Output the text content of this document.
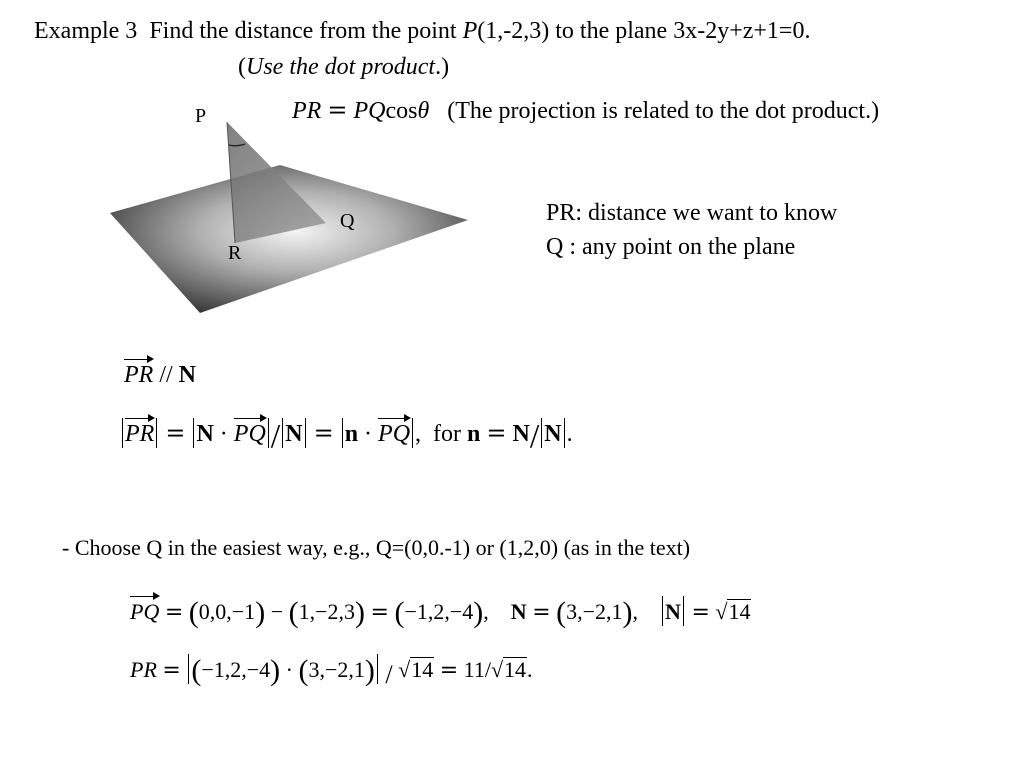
Example 3 Find the distance from the point P(1,-2,3) to the plane 3x-2y+z+1=0.
(Use the dot product.)
P
Q
R
PR = PQcosθ (The projection is related to the dot product.)
PR: distance we want to know
Q : any point on the plane
PR // N
PR = N · PQ / N = n · PQ ,  for n = N/ N .
- Choose Q in the easiest way, e.g., Q=(0,0.-1) or (1,2,0) (as in the text)
PQ = (0,0,−1) − (1,−2,3) = (−1,2,−4),    N = (3,−2,1),    N = √14
PR = (−1,2,−4) · (3,−2,1) / √14 = 11/√14.
